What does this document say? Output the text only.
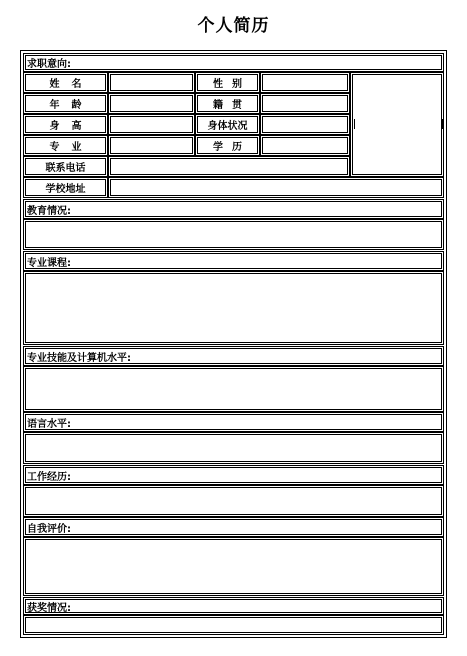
个人简历
求职意向:
姓名	性别
年龄	籍贯
身高	身体状况
专业	学历
联系电话
学校地址
教育情况:
专业课程:
专业技能及计算机水平:
语言水平:
工作经历:
自我评价:
获奖情况:
